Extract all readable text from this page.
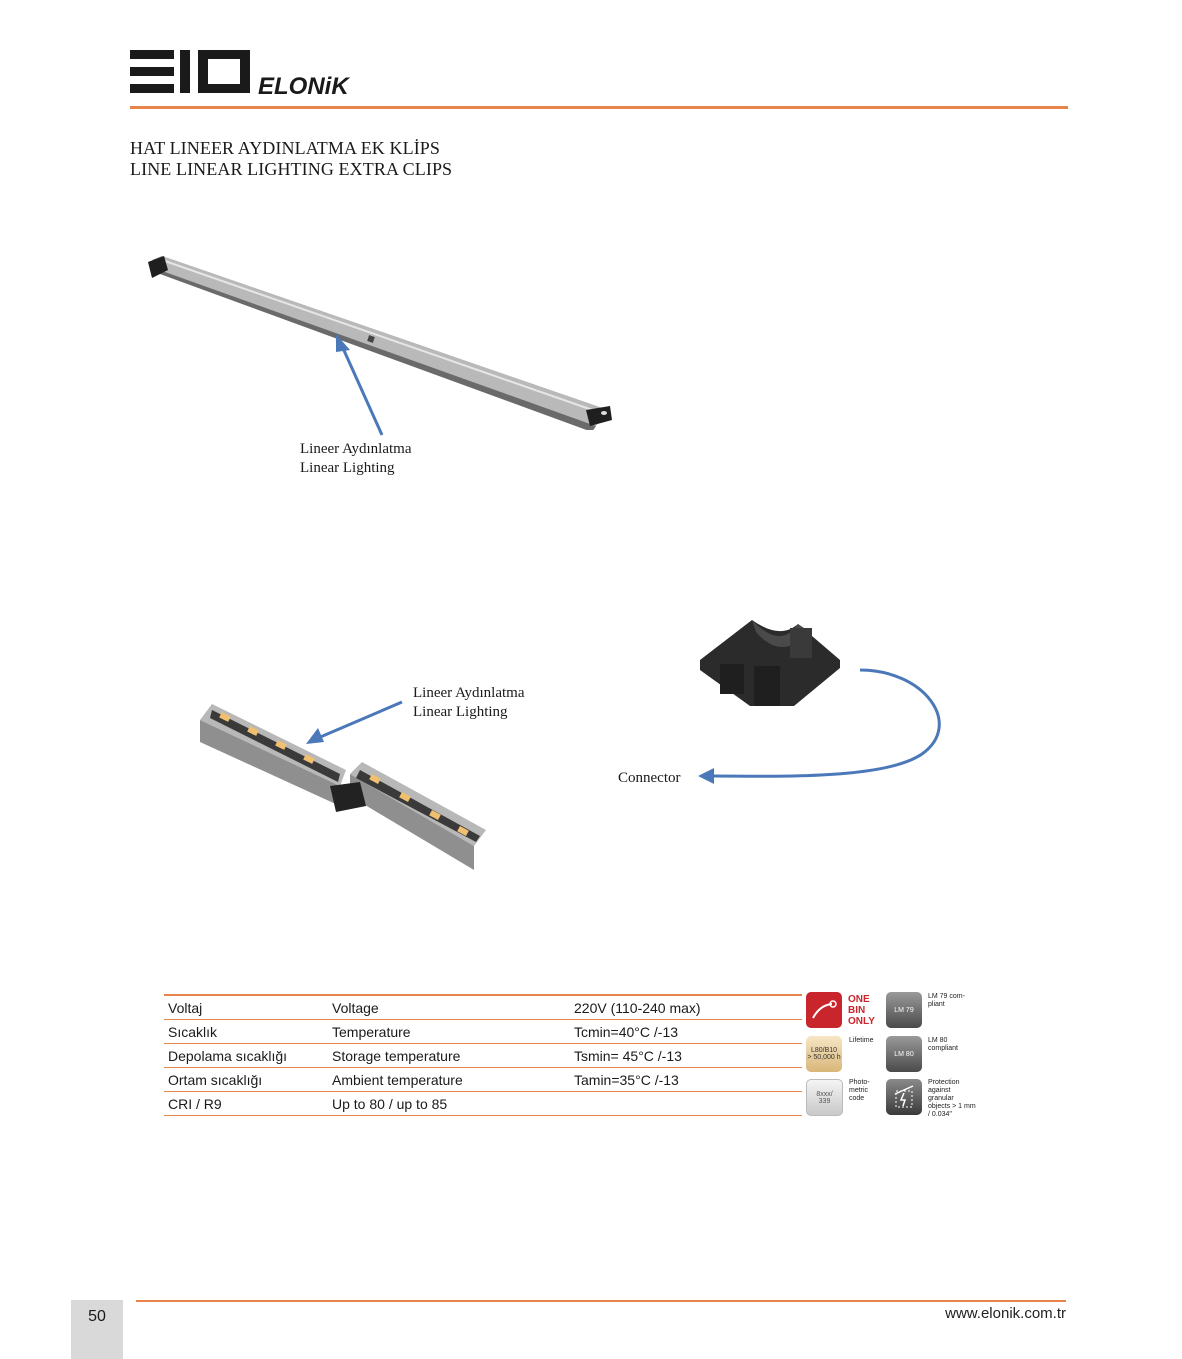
ELONiK
HAT LINEER AYDINLATMA EK KLİPS
LINE LINEAR LIGHTING EXTRA CLIPS
Lineer Aydınlatma
Linear Lighting
Lineer Aydınlatma
Linear Lighting
Connector
Voltaj	Voltage	220V (110-240 max)
Sıcaklık	Temperature	Tcmin=40°C /-13
Depolama sıcaklığı	Storage temperature	Tsmin= 45°C /-13
Ortam sıcaklığı	Ambient temperature	Tamin=35°C /-13
CRI / R9	Up to 80 / up to 85	
ONE BIN ONLY
LM 79
LM 79 com- pliant
L80/B10
> 50,000 h
Lifetime
LM 80
LM 80 compliant
8xxx/ 339
Photo- metric code
Protection against granular objects > 1 mm / 0.034"
50	www.elonik.com.tr
